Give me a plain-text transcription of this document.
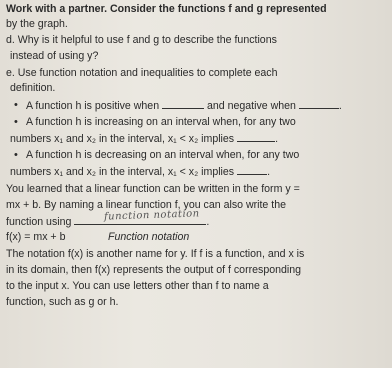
Work with a partner. Consider the functions f and g represented
by the graph.
d. Why is it helpful to use f and g to describe the functions
instead of using y?
e. Use function notation and inequalities to complete each
definition.
• A function h is positive when	and negative when	.
• A function h is increasing on an interval when, for any two
numbers x₁ and x₂ in the interval, x₁ < x₂ implies	.
• A function h is decreasing on an interval when, for any two
numbers x₁ and x₂ in the interval, x₁ < x₂ implies	.
You learned that a linear function can be written in the form y =
mx + b. By naming a linear function f, you can also write the
function using	.
function notation
f(x) = mx + b	Function notation
The notation f(x) is another name for y. If f is a function, and x is
in its domain, then f(x) represents the output of f corresponding
to the input x. You can use letters other than f to name a
function, such as g or h.
